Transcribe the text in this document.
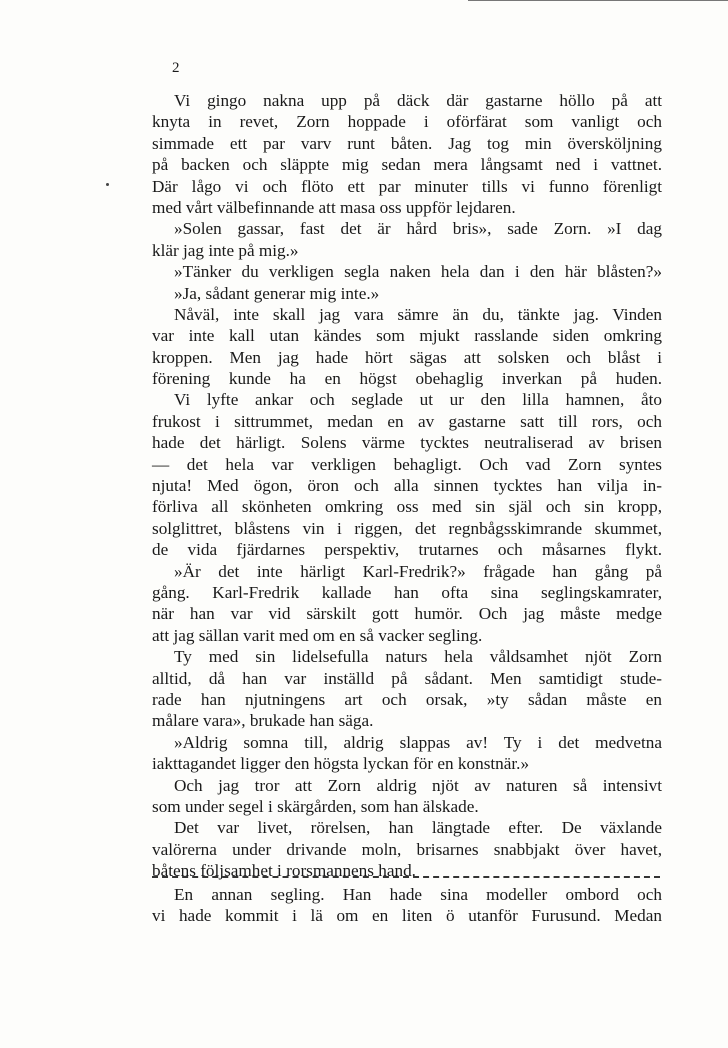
2
Vi gingo nakna upp på däck där gastarne höllo på att
knyta in revet, Zorn hoppade i oförfärat som vanligt och
simmade ett par varv runt båten. Jag tog min översköljning
på backen och släppte mig sedan mera långsamt ned i vattnet.
Där lågo vi och flöto ett par minuter tills vi funno förenligt
med vårt välbefinnande att masa oss uppför lejdaren.
»Solen gassar, fast det är hård bris», sade Zorn. »I dag
klär jag inte på mig.»
»Tänker du verkligen segla naken hela dan i den här blåsten?»
»Ja, sådant generar mig inte.»
Nåväl, inte skall jag vara sämre än du, tänkte jag. Vinden
var inte kall utan kändes som mjukt rasslande siden omkring
kroppen. Men jag hade hört sägas att solsken och blåst i
förening kunde ha en högst obehaglig inverkan på huden.
Vi lyfte ankar och seglade ut ur den lilla hamnen, åto
frukost i sittrummet, medan en av gastarne satt till rors, och
hade det härligt. Solens värme tycktes neutraliserad av brisen
— det hela var verkligen behagligt. Och vad Zorn syntes
njuta! Med ögon, öron och alla sinnen tycktes han vilja in-
förliva all skönheten omkring oss med sin själ och sin kropp,
solglittret, blåstens vin i riggen, det regnbågsskimrande skummet,
de vida fjärdarnes perspektiv, trutarnes och måsarnes flykt.
»Är det inte härligt Karl-Fredrik?» frågade han gång på
gång. Karl-Fredrik kallade han ofta sina seglingskamrater,
när han var vid särskilt gott humör. Och jag måste medge
att jag sällan varit med om en så vacker segling.
Ty med sin lidelsefulla naturs hela våldsamhet njöt Zorn
alltid, då han var inställd på sådant. Men samtidigt stude-
rade han njutningens art och orsak, »ty sådan måste en
målare vara», brukade han säga.
»Aldrig somna till, aldrig slappas av! Ty i det medvetna
iakttagandet ligger den högsta lyckan för en konstnär.»
Och jag tror att Zorn aldrig njöt av naturen så intensivt
som under segel i skärgården, som han älskade.
Det var livet, rörelsen, han längtade efter. De växlande
valörerna under drivande moln, brisarnes snabbjakt över havet,
båtens följsamhet i rorsmannens hand.
En annan segling. Han hade sina modeller ombord och
vi hade kommit i lä om en liten ö utanför Furusund. Medan
